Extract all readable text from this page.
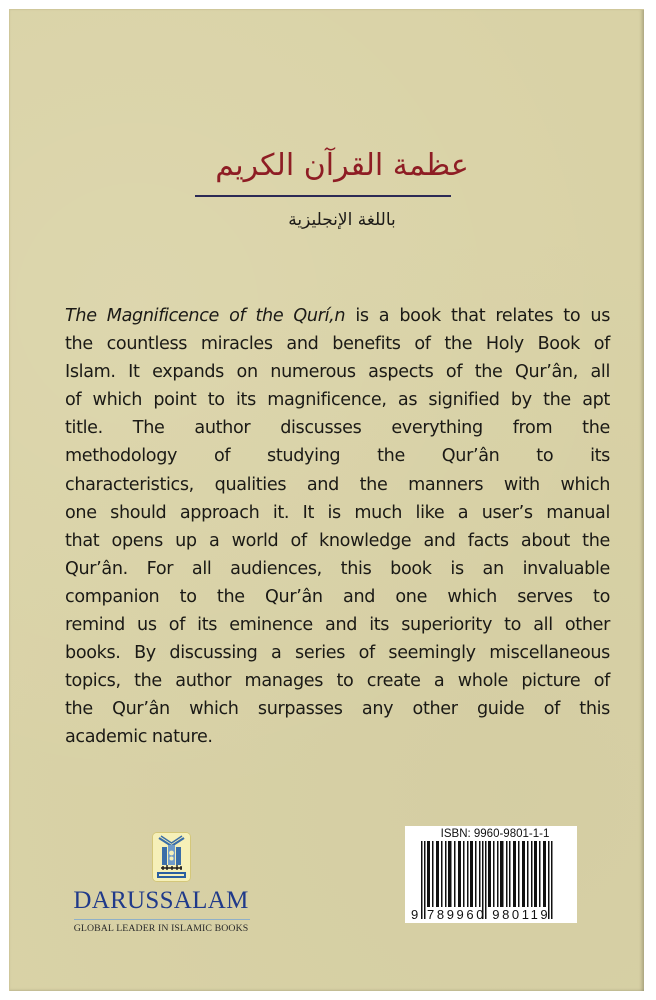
عظمة القرآن الكريم
باللغة الإنجليزية
The Magnificence of the Qurí,n is a book that relates to us
the countless miracles and benefits of the Holy Book of
Islam. It expands on numerous aspects of the Qur’ân, all
of which point to its magnificence, as signified by the apt
title. The author discusses everything from the
methodology of studying the Qur’ân to its
characteristics, qualities and the manners with which
one should approach it. It is much like a user’s manual
that opens up a world of knowledge and facts about the
Qur’ân. For all audiences, this book is an invaluable
companion to the Qur’ân and one which serves to
remind us of its eminence and its superiority to all other
books. By discussing a series of seemingly miscellaneous
topics, the author manages to create a whole picture of
the Qur’ân which surpasses any other guide of this
academic nature.
DARUSSALAM
GLOBAL LEADER IN ISLAMIC BOOKS
ISBN: 9960-9801-1-1
9 789960 980119
